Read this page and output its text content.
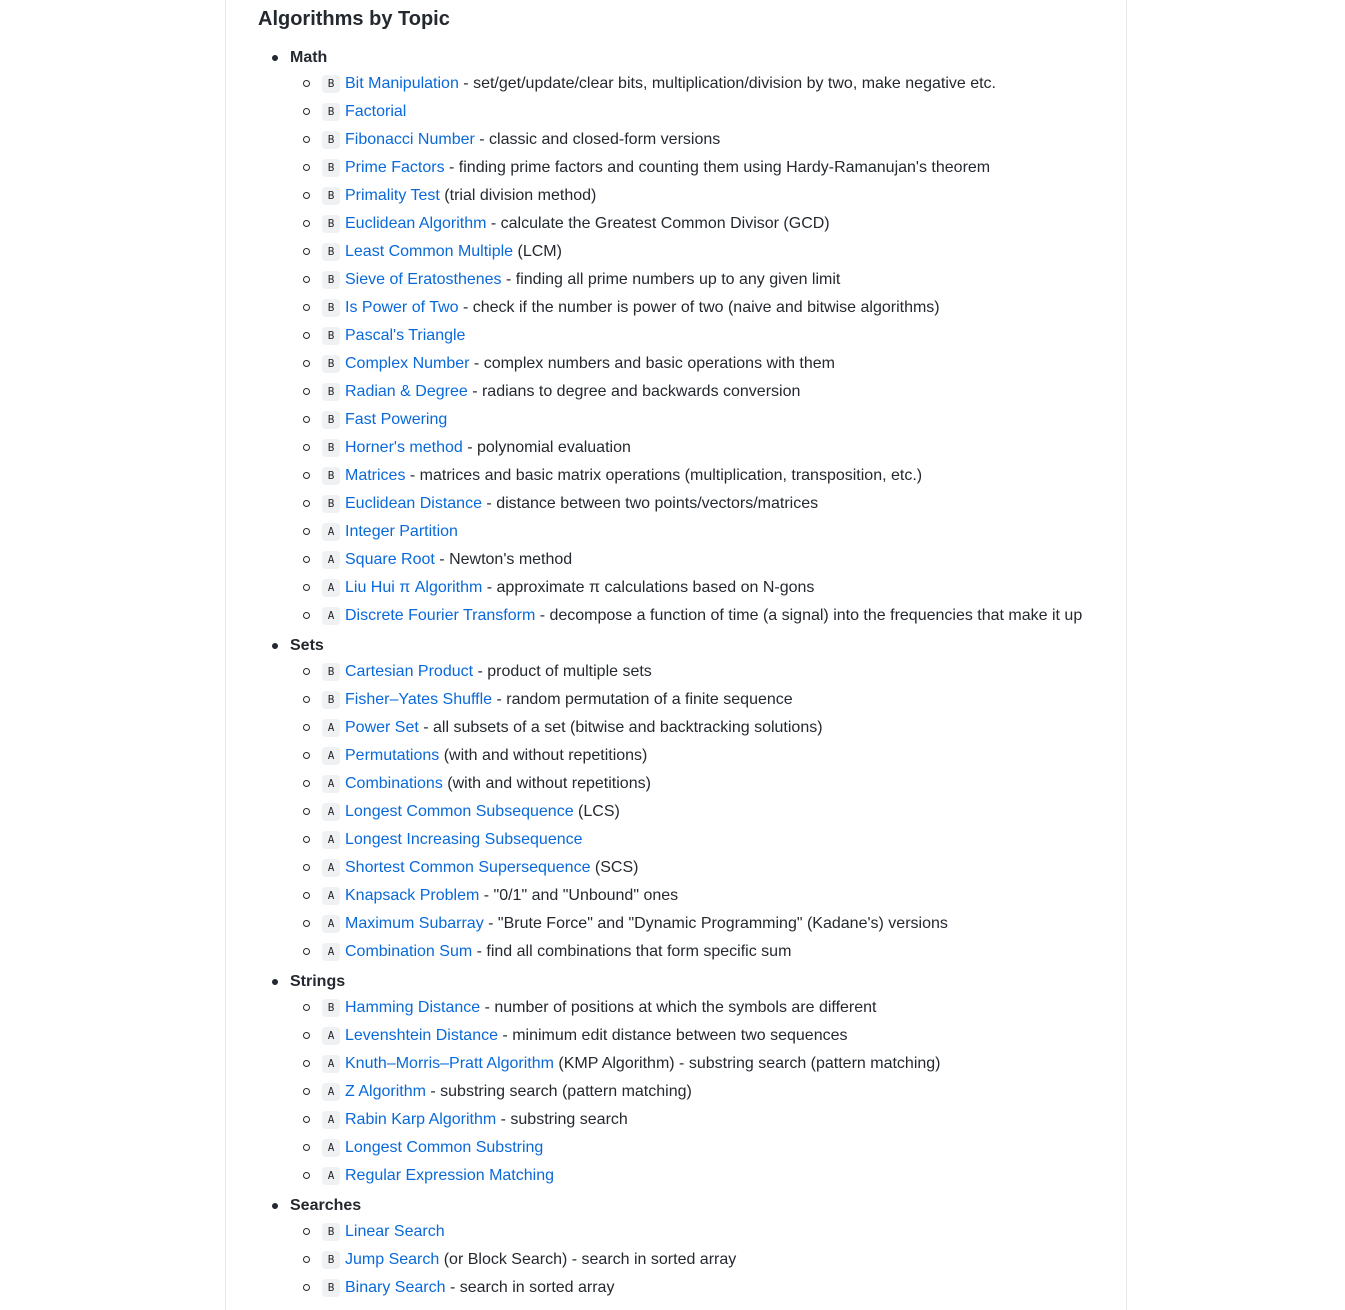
Algorithms by Topic
Math
B Bit Manipulation - set/get/update/clear bits, multiplication/division by two, make negative etc.
B Factorial
B Fibonacci Number - classic and closed-form versions
B Prime Factors - finding prime factors and counting them using Hardy-Ramanujan's theorem
B Primality Test (trial division method)
B Euclidean Algorithm - calculate the Greatest Common Divisor (GCD)
B Least Common Multiple (LCM)
B Sieve of Eratosthenes - finding all prime numbers up to any given limit
B Is Power of Two - check if the number is power of two (naive and bitwise algorithms)
B Pascal's Triangle
B Complex Number - complex numbers and basic operations with them
B Radian & Degree - radians to degree and backwards conversion
B Fast Powering
B Horner's method - polynomial evaluation
B Matrices - matrices and basic matrix operations (multiplication, transposition, etc.)
B Euclidean Distance - distance between two points/vectors/matrices
A Integer Partition
A Square Root - Newton's method
A Liu Hui π Algorithm - approximate π calculations based on N-gons
A Discrete Fourier Transform - decompose a function of time (a signal) into the frequencies that make it up
Sets
B Cartesian Product - product of multiple sets
B Fisher–Yates Shuffle - random permutation of a finite sequence
A Power Set - all subsets of a set (bitwise and backtracking solutions)
A Permutations (with and without repetitions)
A Combinations (with and without repetitions)
A Longest Common Subsequence (LCS)
A Longest Increasing Subsequence
A Shortest Common Supersequence (SCS)
A Knapsack Problem - "0/1" and "Unbound" ones
A Maximum Subarray - "Brute Force" and "Dynamic Programming" (Kadane's) versions
A Combination Sum - find all combinations that form specific sum
Strings
B Hamming Distance - number of positions at which the symbols are different
A Levenshtein Distance - minimum edit distance between two sequences
A Knuth–Morris–Pratt Algorithm (KMP Algorithm) - substring search (pattern matching)
A Z Algorithm - substring search (pattern matching)
A Rabin Karp Algorithm - substring search
A Longest Common Substring
A Regular Expression Matching
Searches
B Linear Search
B Jump Search (or Block Search) - search in sorted array
B Binary Search - search in sorted array
